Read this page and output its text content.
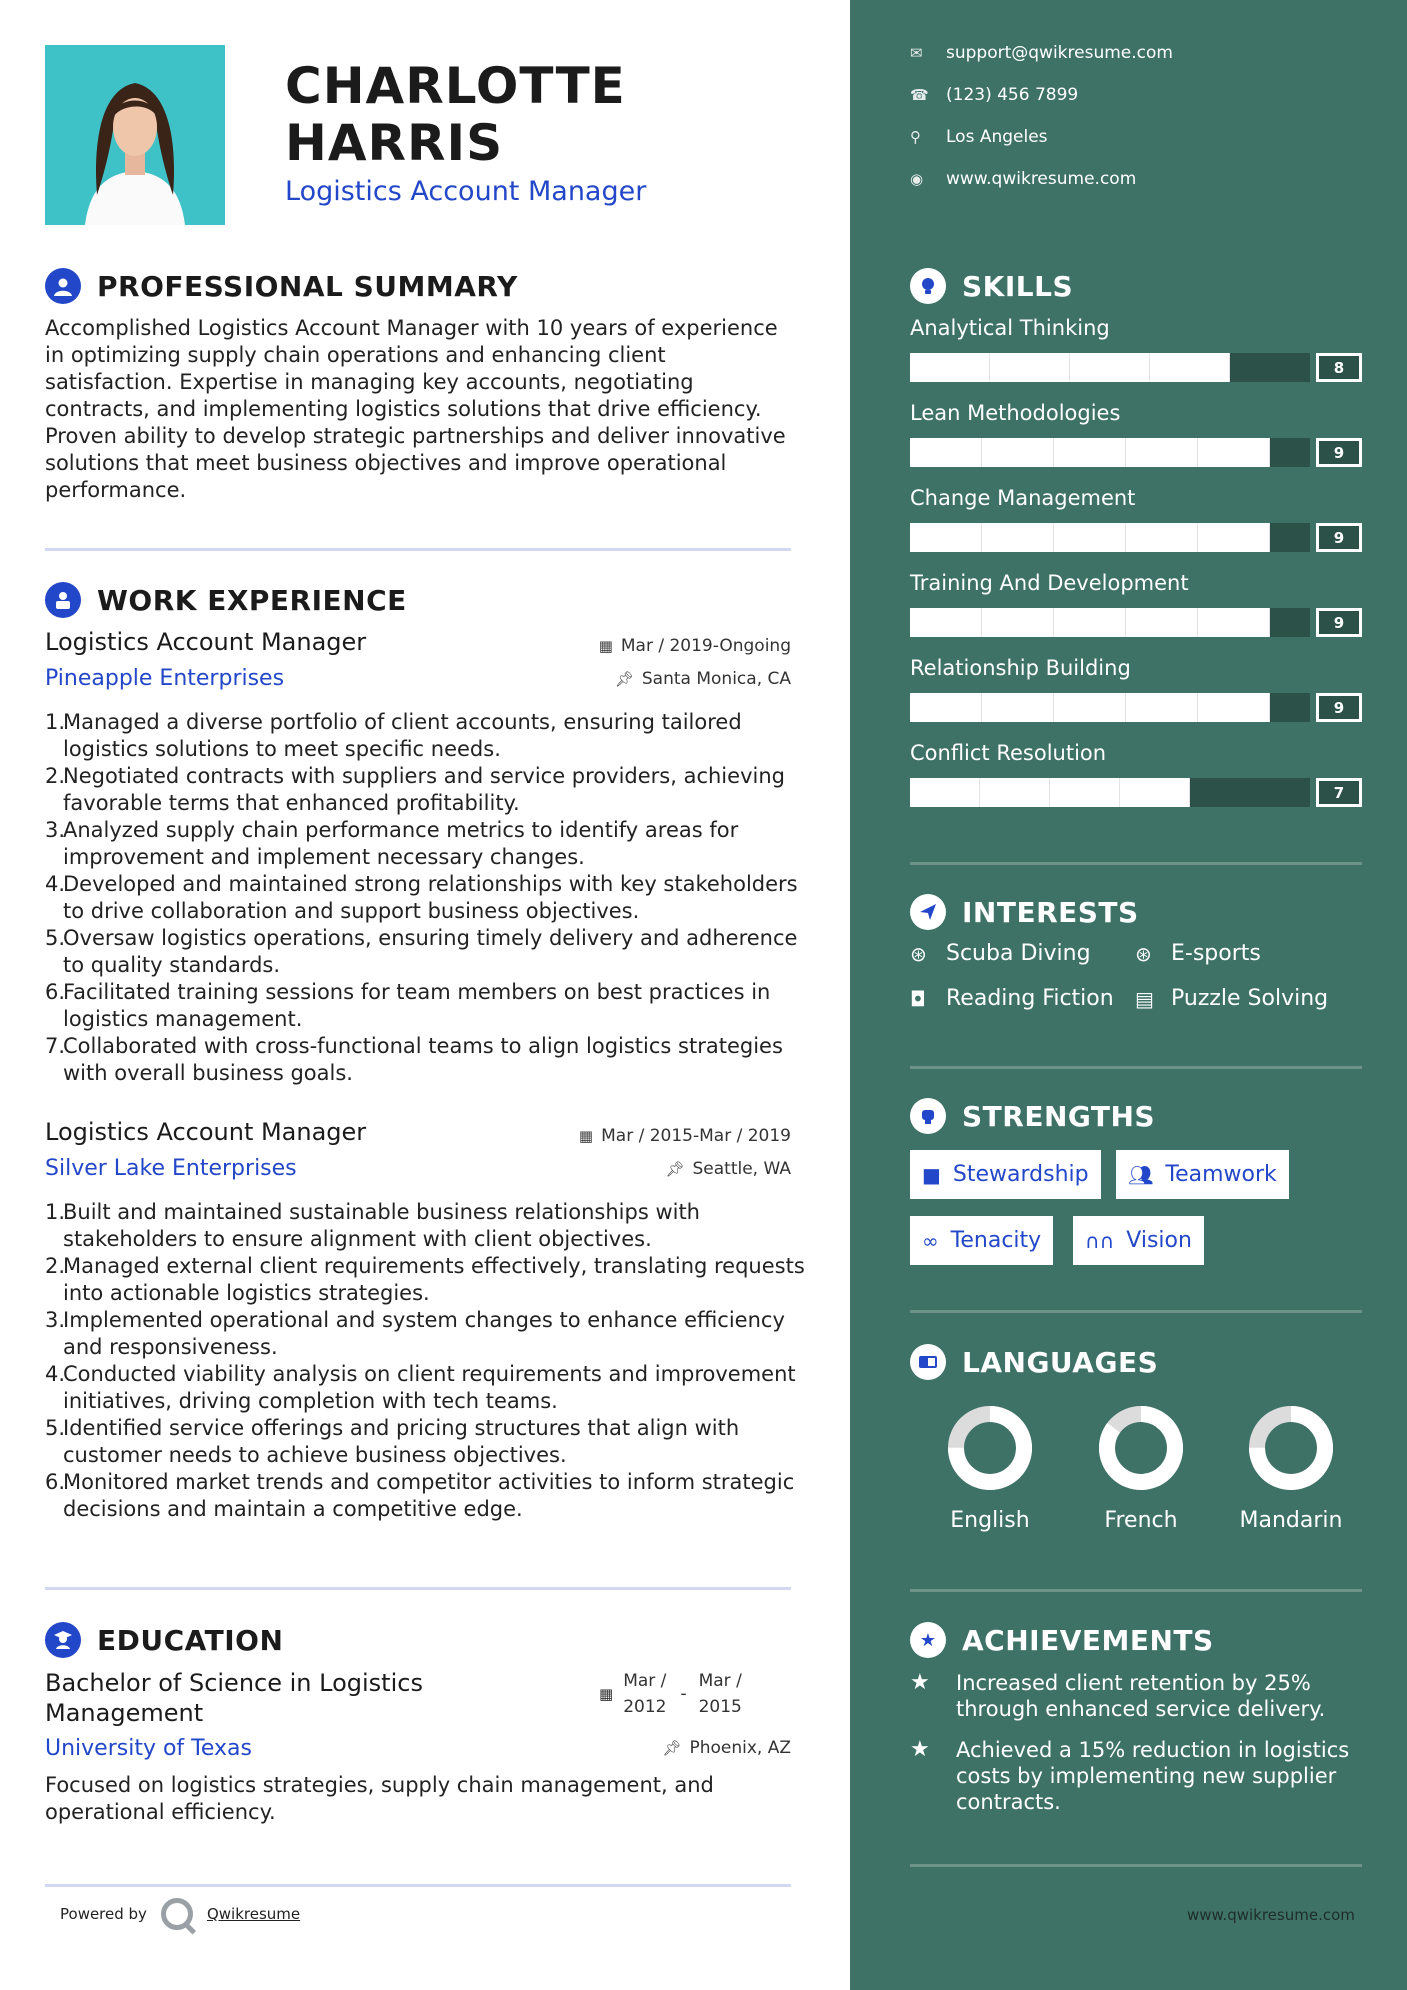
CHARLOTTE
HARRIS
Logistics Account Manager
PROFESSIONAL SUMMARY
Accomplished Logistics Account Manager with 10 years of experience in optimizing supply chain operations and enhancing client satisfaction. Expertise in managing key accounts, negotiating contracts, and implementing logistics solutions that drive efficiency. Proven ability to develop strategic partnerships and deliver innovative solutions that meet business objectives and improve operational performance.
WORK EXPERIENCE
Logistics Account Manager
Pineapple Enterprises
▦ Mar / 2019-Ongoing
📌︎ Santa Monica, CA
Managed a diverse portfolio of client accounts, ensuring tailored logistics solutions to meet specific needs.
Negotiated contracts with suppliers and service providers, achieving favorable terms that enhanced profitability.
Analyzed supply chain performance metrics to identify areas for improvement and implement necessary changes.
Developed and maintained strong relationships with key stakeholders to drive collaboration and support business objectives.
Oversaw logistics operations, ensuring timely delivery and adherence to quality standards.
Facilitated training sessions for team members on best practices in logistics management.
Collaborated with cross-functional teams to align logistics strategies with overall business goals.
Logistics Account Manager
Silver Lake Enterprises
▦ Mar / 2015-Mar / 2019
📌︎ Seattle, WA
Built and maintained sustainable business relationships with stakeholders to ensure alignment with client objectives.
Managed external client requirements effectively, translating requests into actionable logistics strategies.
Implemented operational and system changes to enhance efficiency and responsiveness.
Conducted viability analysis on client requirements and improvement initiatives, driving completion with tech teams.
Identified service offerings and pricing structures that align with customer needs to achieve business objectives.
Monitored market trends and competitor activities to inform strategic decisions and maintain a competitive edge.
EDUCATION
Bachelor of Science in Logistics
Management
University of Texas
▦
Mar /
2012
-
Mar /
2015
📌︎ Phoenix, AZ
Focused on logistics strategies, supply chain management, and operational efficiency.
Powered by	Qwikresume
✉	support@qwikresume.com
☎	(123) 456 7899
⚲	Los Angeles
◉	www.qwikresume.com
SKILLS
Analytical Thinking
8
Lean Methodologies
9
Change Management
9
Training And Development
9
Relationship Building
9
Conflict Resolution
7
INTERESTS
⊛ Scuba Diving ⊛ E-sports
◘ Reading Fiction ▤ Puzzle Solving
STRENGTHS
■ Stewardship 👥︎ Teamwork
∞ Tenacity ∩∩ Vision
LANGUAGES
English	French	Mandarin
★ ACHIEVEMENTS
★	Increased client retention by 25% through enhanced service delivery.
★	Achieved a 15% reduction in logistics costs by implementing new supplier contracts.
www.qwikresume.com
